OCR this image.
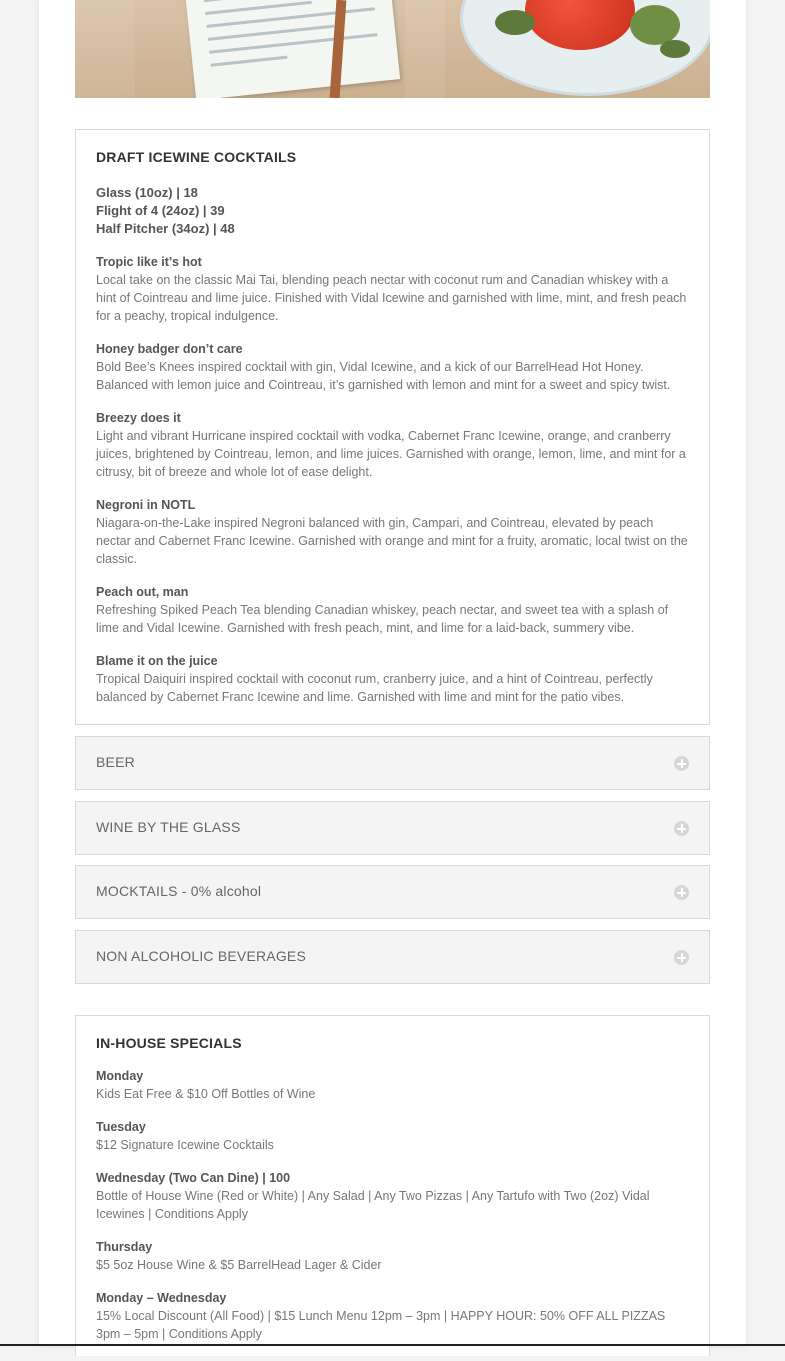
DRAFT ICEWINE COCKTAILS
Glass (10oz) | 18
Flight of 4 (24oz) | 39
Half Pitcher (34oz) | 48
Tropic like it’s hot
Local take on the classic Mai Tai, blending peach nectar with coconut rum and Canadian whiskey with a hint of Cointreau and lime juice. Finished with Vidal Icewine and garnished with lime, mint, and fresh peach for a peachy, tropical indulgence.
Honey badger don’t care
Bold Bee’s Knees inspired cocktail with gin, Vidal Icewine, and a kick of our BarrelHead Hot Honey. Balanced with lemon juice and Cointreau, it’s garnished with lemon and mint for a sweet and spicy twist.
Breezy does it
Light and vibrant Hurricane inspired cocktail with vodka, Cabernet Franc Icewine, orange, and cranberry juices, brightened by Cointreau, lemon, and lime juices. Garnished with orange, lemon, lime, and mint for a citrusy, bit of breeze and whole lot of ease delight.
Negroni in NOTL
Niagara-on-the-Lake inspired Negroni balanced with gin, Campari, and Cointreau, elevated by peach nectar and Cabernet Franc Icewine. Garnished with orange and mint for a fruity, aromatic, local twist on the classic.
Peach out, man
Refreshing Spiked Peach Tea blending Canadian whiskey, peach nectar, and sweet tea with a splash of lime and Vidal Icewine. Garnished with fresh peach, mint, and lime for a laid-back, summery vibe.
Blame it on the juice
Tropical Daiquiri inspired cocktail with coconut rum, cranberry juice, and a hint of Cointreau, perfectly balanced by Cabernet Franc Icewine and lime. Garnished with lime and mint for the patio vibes.
BEER
WINE BY THE GLASS
MOCKTAILS - 0% alcohol
NON ALCOHOLIC BEVERAGES
IN-HOUSE SPECIALS
Monday
Kids Eat Free & $10 Off Bottles of Wine
Tuesday
$12 Signature Icewine Cocktails
Wednesday (Two Can Dine) | 100
Bottle of House Wine (Red or White) | Any Salad | Any Two Pizzas | Any Tartufo with Two (2oz) Vidal Icewines | Conditions Apply
Thursday
$5 5oz House Wine & $5 BarrelHead Lager & Cider
Monday – Wednesday
15% Local Discount (All Food) | $15 Lunch Menu 12pm – 3pm | HAPPY HOUR: 50% OFF ALL PIZZAS 3pm – 5pm | Conditions Apply
